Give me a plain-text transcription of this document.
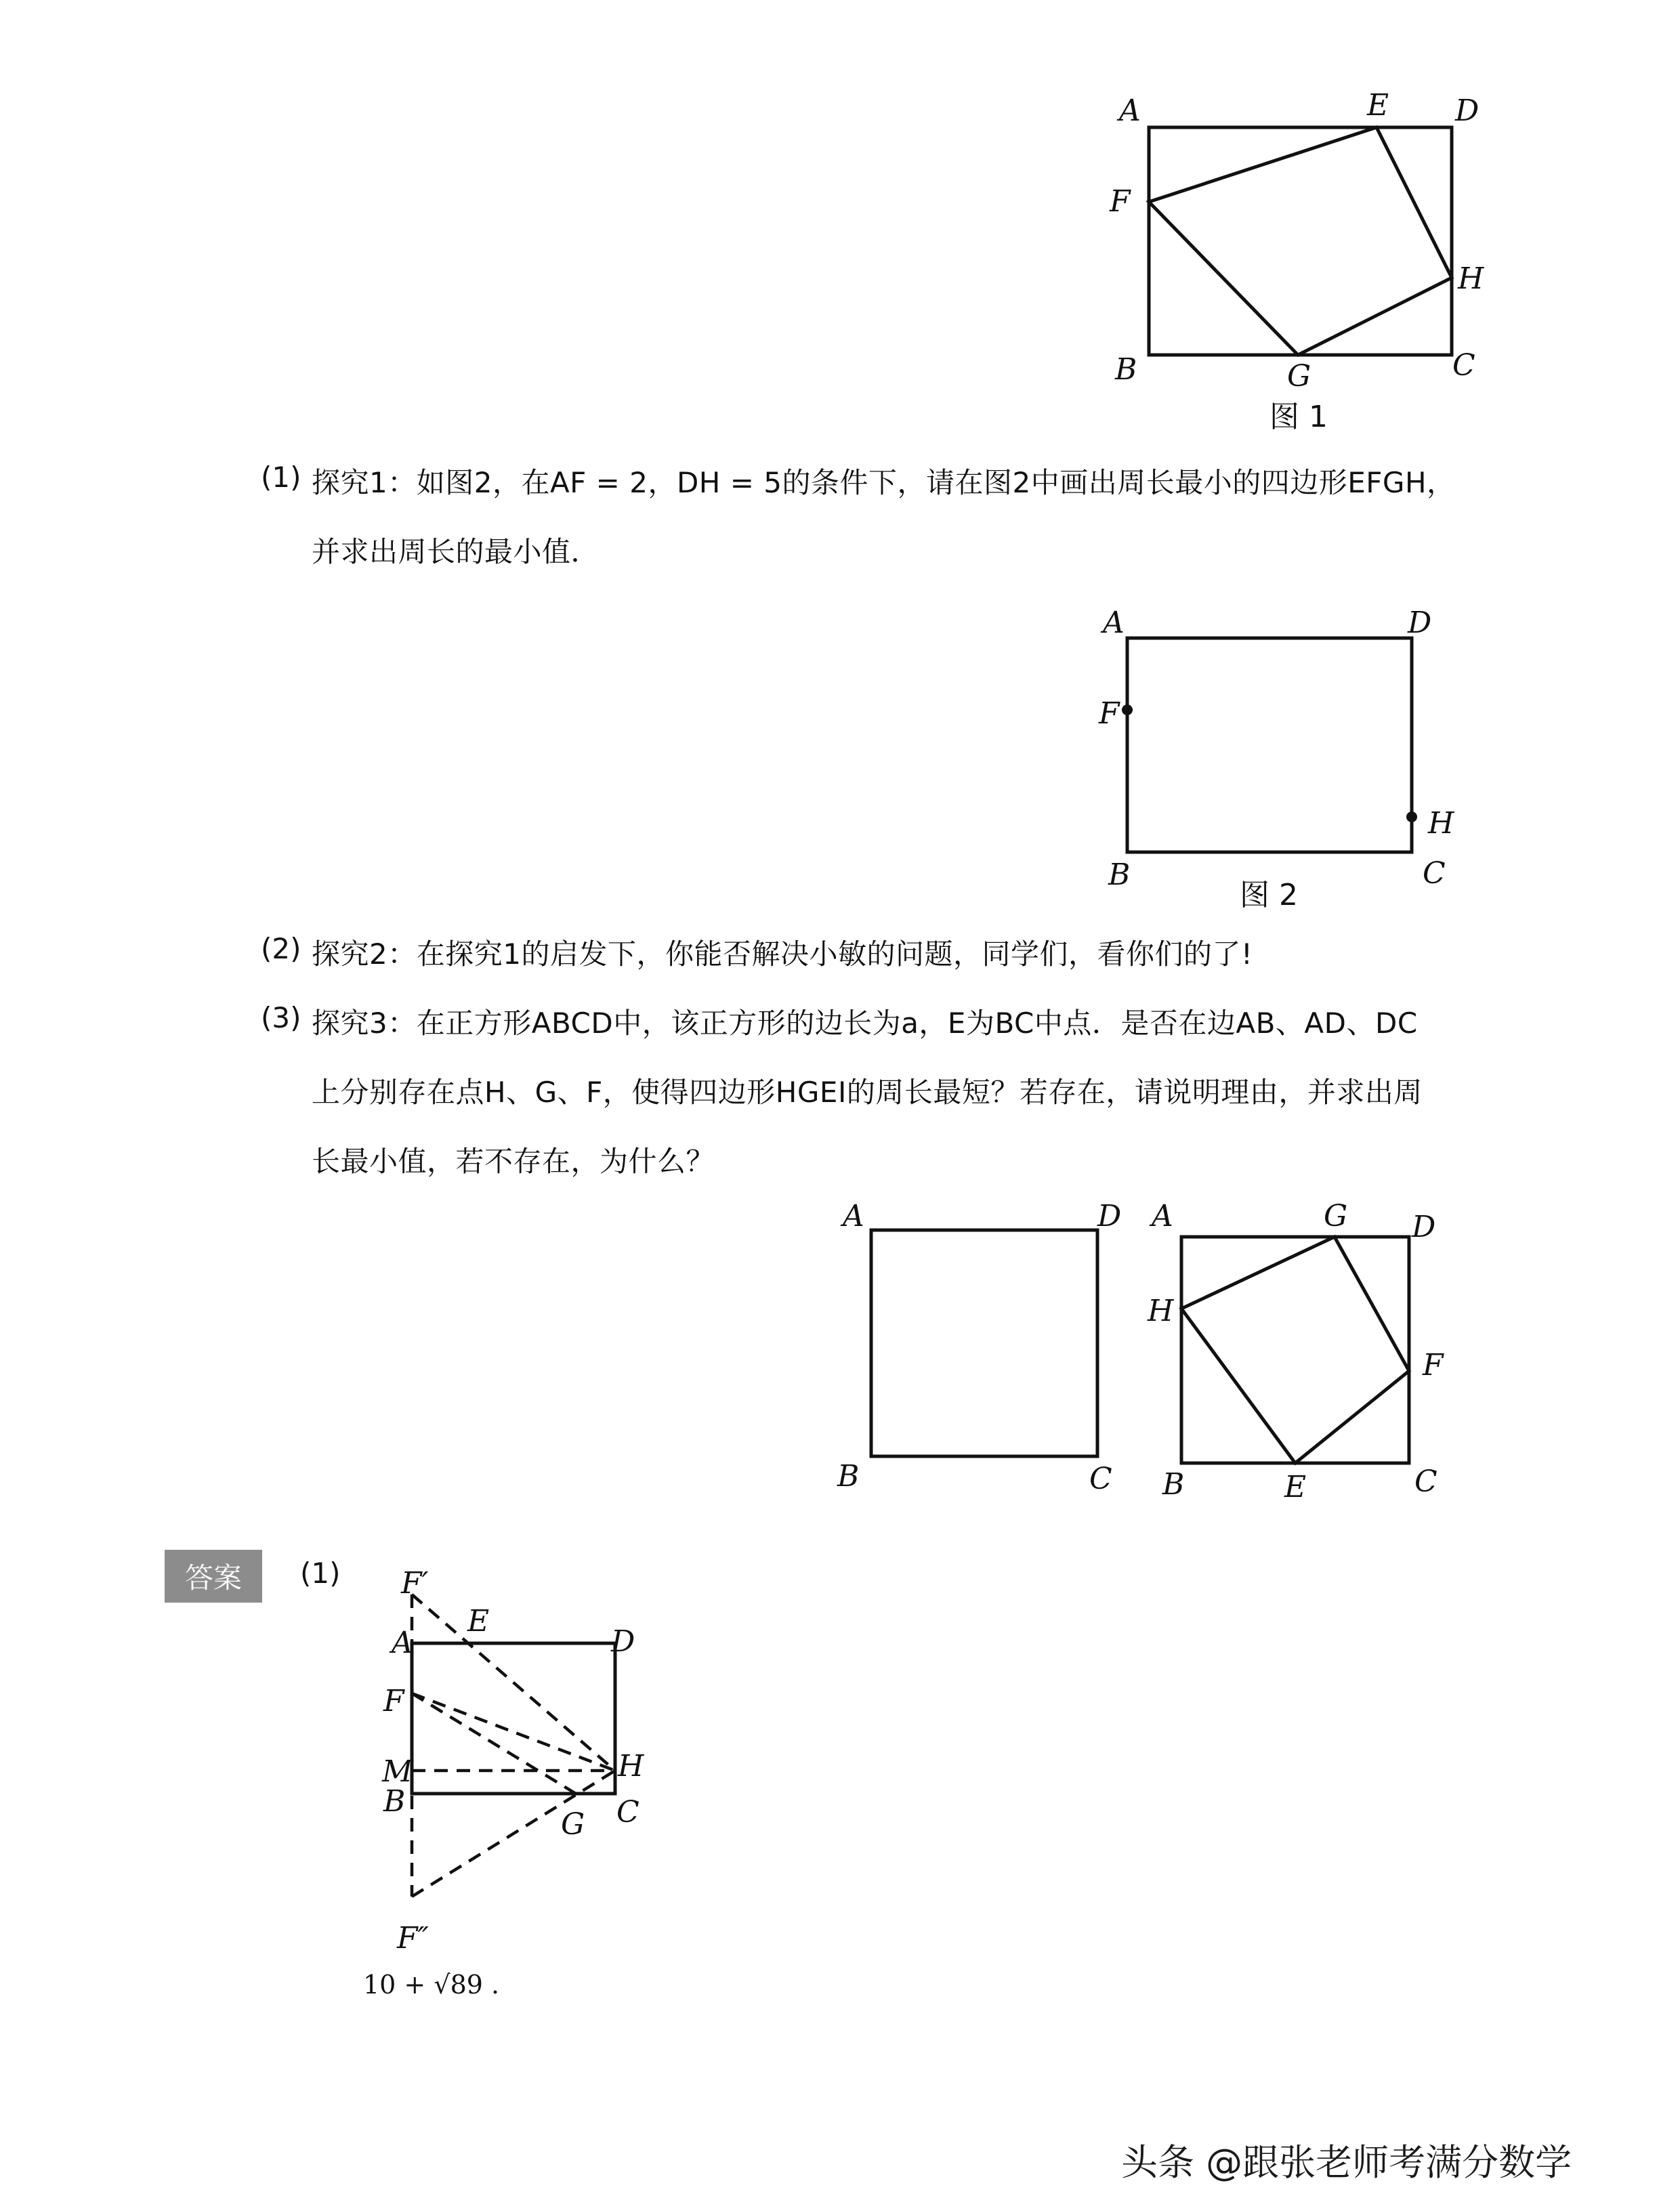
A	E D
F
H
B	G	C
图 1
(1) 探究1：如图2，在AF = 2，DH = 5的条件下，请在图2中画出周长最小的四边形EFGH，
并求出周长的最小值．
A	D
F
H
B	C
图 2
(2) 探究2：在探究1的启发下，你能否解决小敏的问题，同学们，看你们的了!
(3) 探究3：在正方形ABCD中，该正方形的边长为a，E为BC中点．是否在边AB、AD、DC
上分别存在点H、G、F，使得四边形HGEI的周长最短？若存在，请说明理由，并求出周
长最小值，若不存在，为什么？
A	D
B	C
A	G D
H
F
B	E	C
答案	(1) F′
E
A	D
F
M	H
B
G C
F″
10 + √89 .
头条 @跟张老师考满分数学
